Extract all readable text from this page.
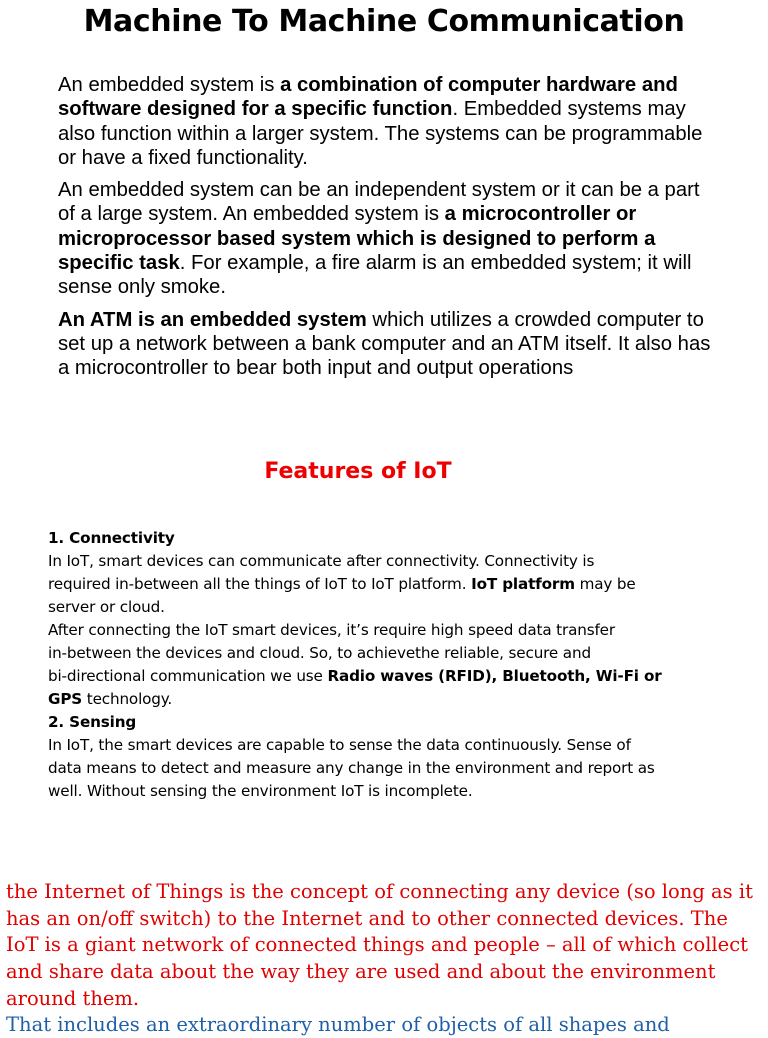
Machine To Machine Communication

An embedded system is a combination of computer hardware and software designed for a specific function. Embedded systems may also function within a larger system. The systems can be programmable or have a fixed functionality.

An embedded system can be an independent system or it can be a part of a large system. An embedded system is a microcontroller or microprocessor based system which is designed to perform a specific task. For example, a fire alarm is an embedded system; it will sense only smoke.

An ATM is an embedded system which utilizes a crowded computer to set up a network between a bank computer and an ATM itself. It also has a microcontroller to bear both input and output operations

Features of IoT
1. Connectivity
In IoT, smart devices can communicate after connectivity. Connectivity is
required in-between all the things of IoT to IoT platform. IoT platform may be
server or cloud.
After connecting the IoT smart devices, it’s require high speed data transfer
in-between the devices and cloud. So, to achievethe reliable, secure and
bi-directional communication we use Radio waves (RFID), Bluetooth, Wi-Fi or
GPS technology.
2. Sensing
In IoT, the smart devices are capable to sense the data continuously. Sense of
data means to detect and measure any change in the environment and report as
well. Without sensing the environment IoT is incomplete.
the Internet of Things is the concept of connecting any device (so long as it has an on/off switch) to the Internet and to other connected devices. The IoT is a giant network of connected things and people – all of which collect and share data about the way they are used and about the environment around them.
That includes an extraordinary number of objects of all shapes and
